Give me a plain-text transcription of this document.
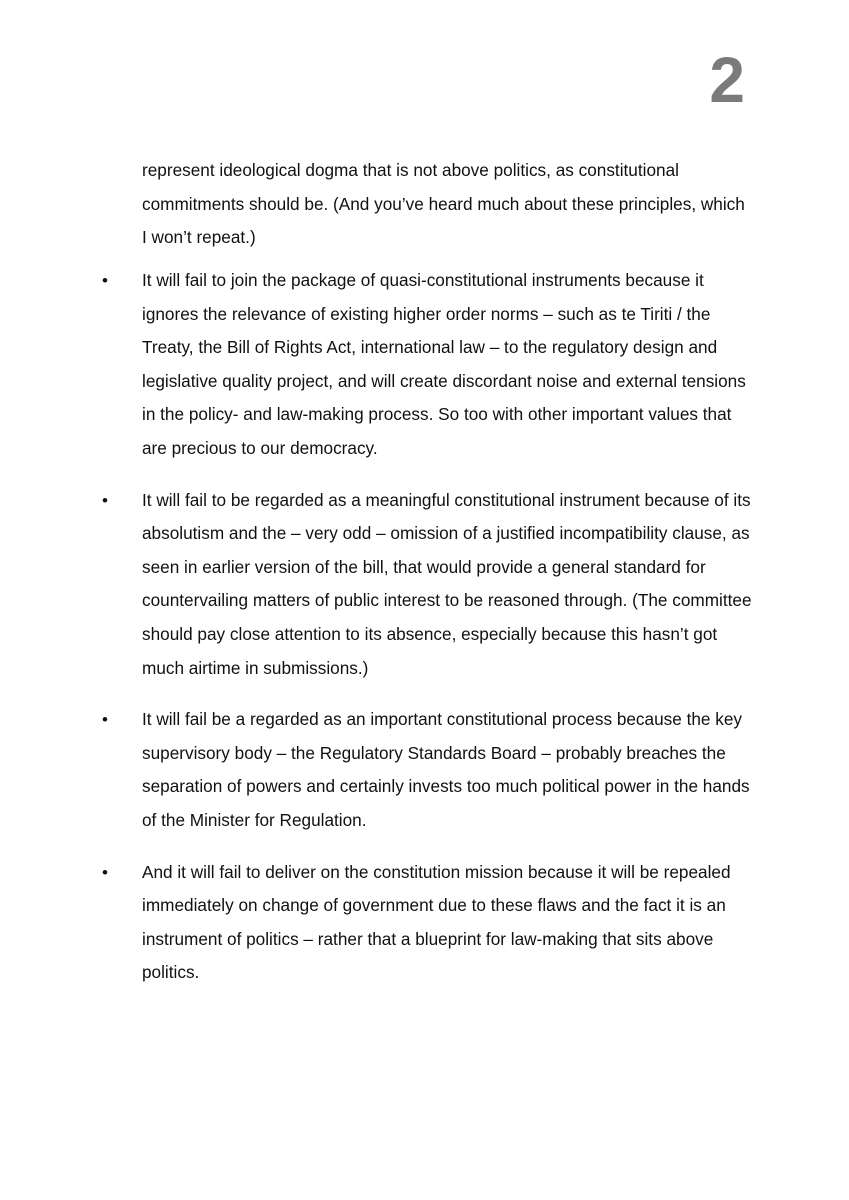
2

represent ideological dogma that is not above politics, as constitutional commitments should be. (And you’ve heard much about these principles, which I won’t repeat.)

• It will fail to join the package of quasi-constitutional instruments because it ignores the relevance of existing higher order norms – such as te Tiriti / the Treaty, the Bill of Rights Act, international law – to the regulatory design and legislative quality project, and will create discordant noise and external tensions in the policy- and law-making process. So too with other important values that are precious to our democracy.
• It will fail to be regarded as a meaningful constitutional instrument because of its absolutism and the – very odd – omission of a justified incompatibility clause, as seen in earlier version of the bill, that would provide a general standard for countervailing matters of public interest to be reasoned through. (The committee should pay close attention to its absence, especially because this hasn’t got much airtime in submissions.)
• It will fail be a regarded as an important constitutional process because the key supervisory body – the Regulatory Standards Board – probably breaches the separation of powers and certainly invests too much political power in the hands of the Minister for Regulation.
• And it will fail to deliver on the constitution mission because it will be repealed immediately on change of government due to these flaws and the fact it is an instrument of politics – rather that a blueprint for law-making that sits above politics.
